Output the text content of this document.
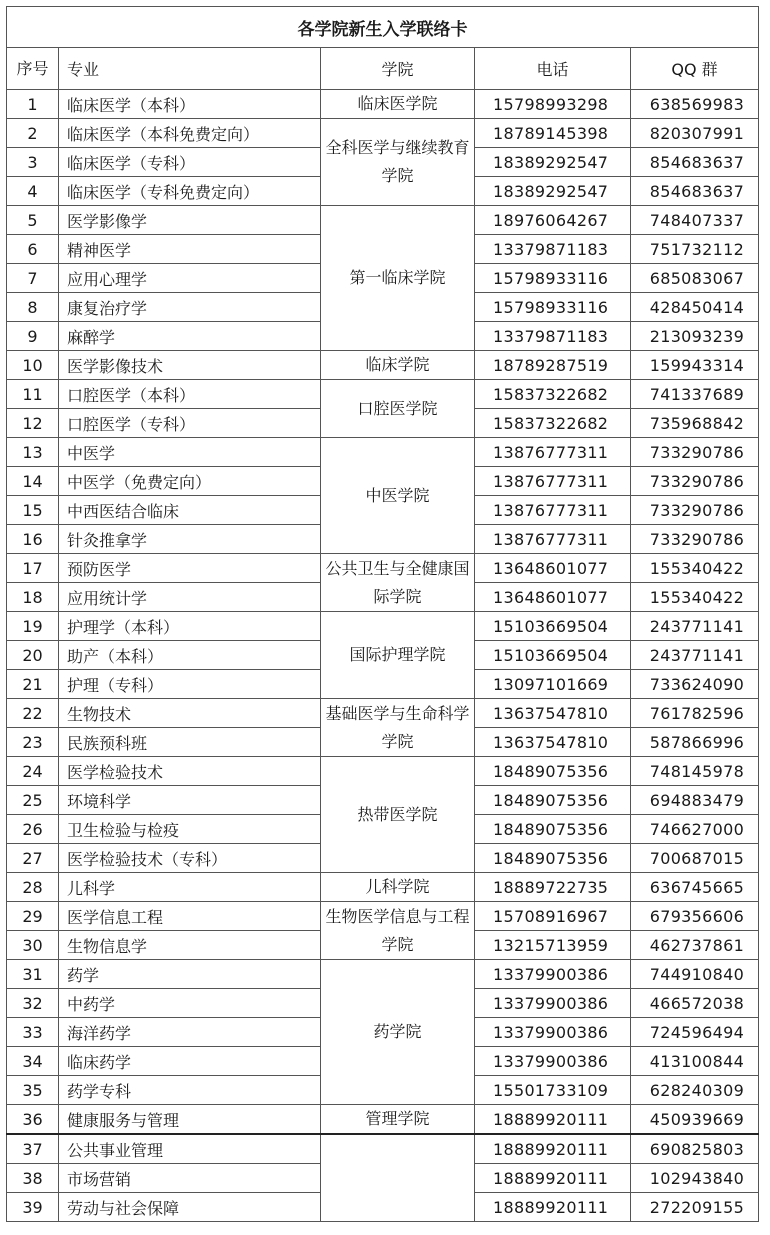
各学院新生入学联络卡				
序号	专业	学院	电话	QQ 群
1	临床医学（本科）	临床医学院	15798993298	638569983
2	临床医学（本科免费定向）	全科医学与继续教育学院	18789145398	820307991
3	临床医学（专科）		18389292547	854683637
4	临床医学（专科免费定向）		18389292547	854683637
5	医学影像学	第一临床学院	18976064267	748407337
6	精神医学		13379871183	751732112
7	应用心理学		15798933116	685083067
8	康复治疗学		15798933116	428450414
9	麻醉学		13379871183	213093239
10	医学影像技术	临床学院	18789287519	159943314
11	口腔医学（本科）	口腔医学院	15837322682	741337689
12	口腔医学（专科）		15837322682	735968842
13	中医学	中医学院	13876777311	733290786
14	中医学（免费定向）		13876777311	733290786
15	中西医结合临床		13876777311	733290786
16	针灸推拿学		13876777311	733290786
17	预防医学	公共卫生与全健康国际学院	13648601077	155340422
18	应用统计学		13648601077	155340422
19	护理学（本科）	国际护理学院	15103669504	243771141
20	助产（本科）		15103669504	243771141
21	护理（专科）		13097101669	733624090
22	生物技术	基础医学与生命科学学院	13637547810	761782596
23	民族预科班		13637547810	587866996
24	医学检验技术	热带医学院	18489075356	748145978
25	环境科学		18489075356	694883479
26	卫生检验与检疫		18489075356	746627000
27	医学检验技术（专科）		18489075356	700687015
28	儿科学	儿科学院	18889722735	636745665
29	医学信息工程	生物医学信息与工程学院	15708916967	679356606
30	生物信息学		13215713959	462737861
31	药学	药学院	13379900386	744910840
32	中药学		13379900386	466572038
33	海洋药学		13379900386	724596494
34	临床药学		13379900386	413100844
35	药学专科		15501733109	628240309
36	健康服务与管理	管理学院	18889920111	450939669
37	公共事业管理		18889920111	690825803
38	市场营销		18889920111	102943840
39	劳动与社会保障		18889920111	272209155
